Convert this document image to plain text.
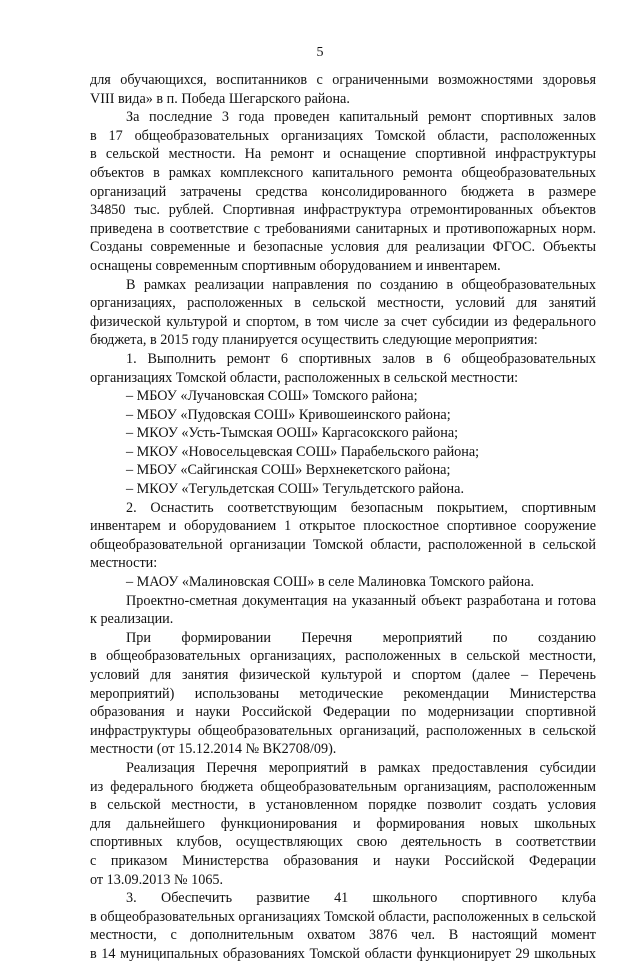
5
для обучающихся, воспитанников с ограниченными возможностями здоровья
VIII вида» в п. Победа Шегарского района.
За последние 3 года проведен капитальный ремонт спортивных залов
в 17 общеобразовательных организациях Томской области, расположенных
в сельской местности. На ремонт и оснащение спортивной инфраструктуры
объектов в рамках комплексного капитального ремонта общеобразовательных
организаций затрачены средства консолидированного бюджета в размере
34850 тыс. рублей. Спортивная инфраструктура отремонтированных объектов
приведена в соответствие с требованиями санитарных и противопожарных норм.
Созданы современные и безопасные условия для реализации ФГОС. Объекты
оснащены современным спортивным оборудованием и инвентарем.
В рамках реализации направления по созданию в общеобразовательных
организациях, расположенных в сельской местности, условий для занятий
физической культурой и спортом, в том числе за счет субсидии из федерального
бюджета, в 2015 году планируется осуществить следующие мероприятия:
1. Выполнить ремонт 6 спортивных залов в 6 общеобразовательных
организациях Томской области, расположенных в сельской местности:
– МБОУ «Лучановская СОШ» Томского района;
– МБОУ «Пудовская СОШ» Кривошеинского района;
– МКОУ «Усть-Тымская ООШ» Каргасокского района;
– МКОУ «Новосельцевская СОШ» Парабельского района;
– МБОУ «Сайгинская СОШ» Верхнекетского района;
– МКОУ «Тегульдетская СОШ» Тегульдетского района.
2. Оснастить соответствующим безопасным покрытием, спортивным
инвентарем и оборудованием 1 открытое плоскостное спортивное сооружение
общеобразовательной организации Томской области, расположенной в сельской
местности:
– МАОУ «Малиновская СОШ» в селе Малиновка Томского района.
Проектно-сметная документация на указанный объект разработана и готова
к реализации.
При формировании Перечня мероприятий по созданию
в общеобразовательных организациях, расположенных в сельской местности,
условий для занятия физической культурой и спортом (далее – Перечень
мероприятий) использованы методические рекомендации Министерства
образования и науки Российской Федерации по модернизации спортивной
инфраструктуры общеобразовательных организаций, расположенных в сельской
местности (от 15.12.2014 № ВК2708/09).
Реализация Перечня мероприятий в рамках предоставления субсидии
из федерального бюджета общеобразовательным организациям, расположенным
в сельской местности, в установленном порядке позволит создать условия
для дальнейшего функционирования и формирования новых школьных
спортивных клубов, осуществляющих свою деятельность в соответствии
с приказом Министерства образования и науки Российской Федерации
от 13.09.2013 № 1065.
3. Обеспечить развитие 41 школьного спортивного клуба
в общеобразовательных организациях Томской области, расположенных в сельской
местности, с дополнительным охватом 3876 чел. В настоящий момент
в 14 муниципальных образованиях Томской области функционирует 29 школьных
